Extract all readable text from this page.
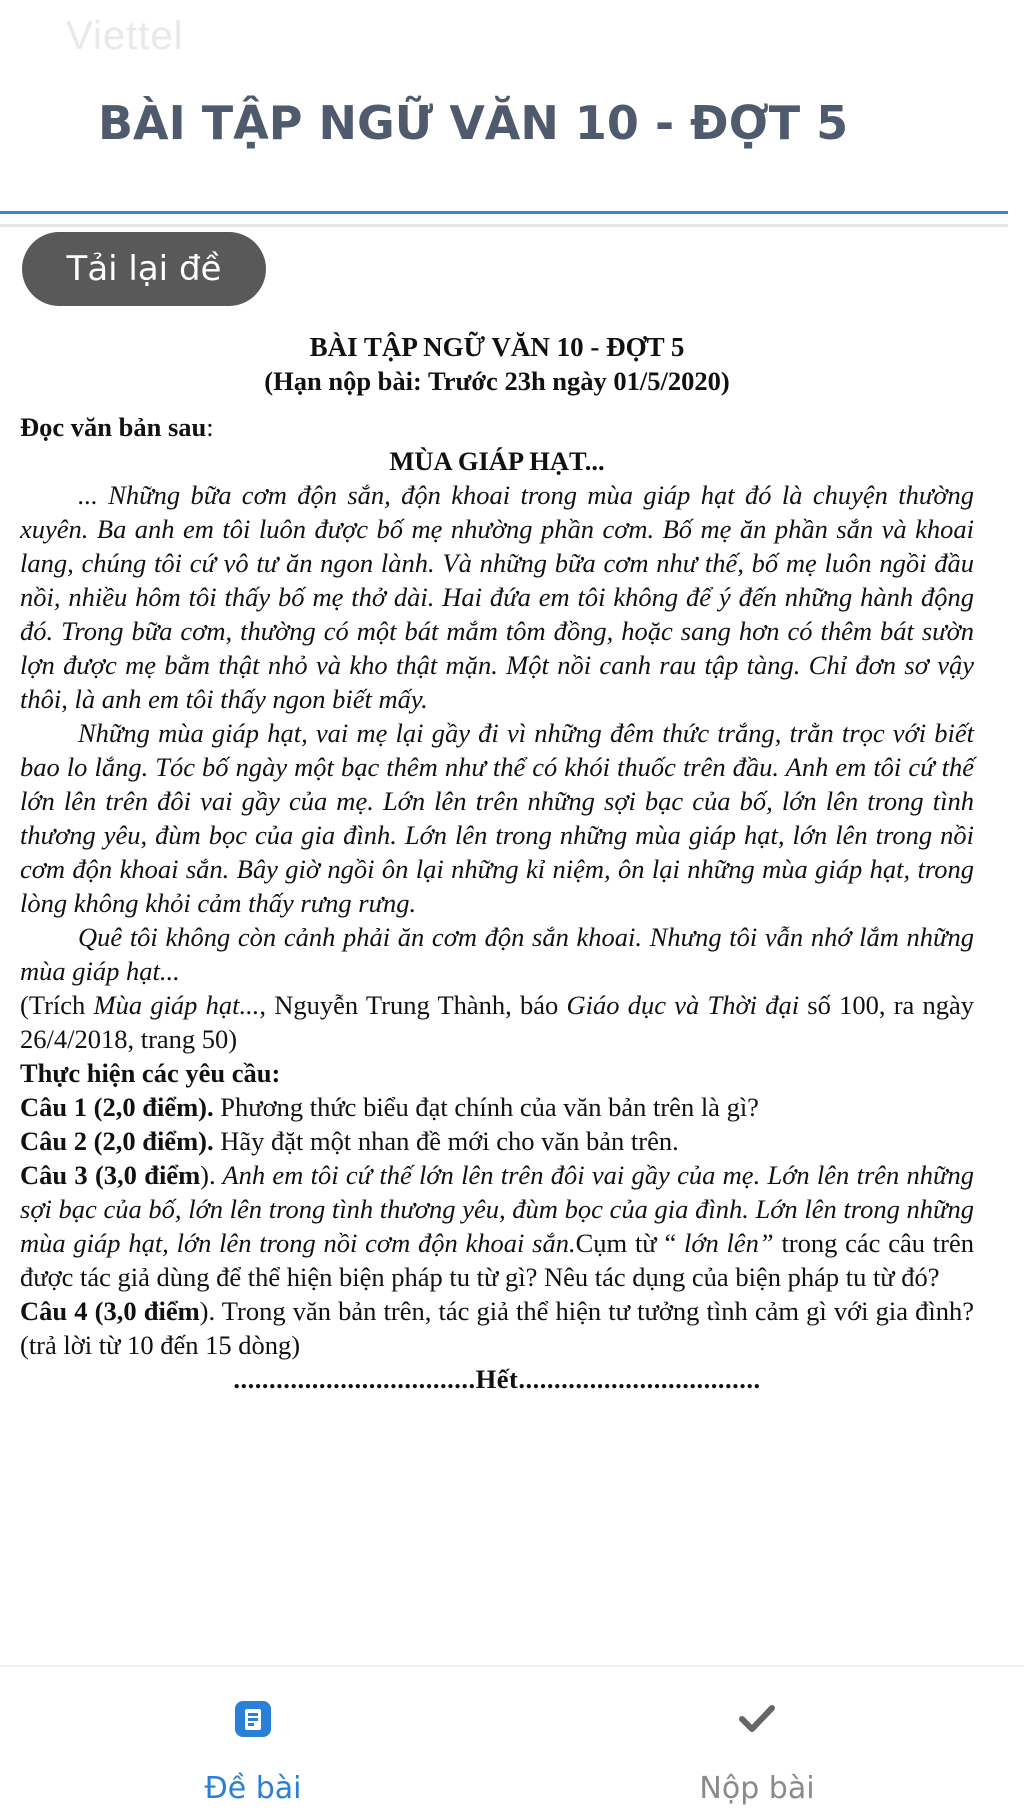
Viettel
BÀI TẬP NGỮ VĂN 10 - ĐỢT 5
Tải lại đề

BÀI TẬP NGỮ VĂN 10 - ĐỢT 5

(Hạn nộp bài: Trước 23h ngày 01/5/2020)

Đọc văn bản sau:

MÙA GIÁP HẠT...

... Những bữa cơm độn sắn, độn khoai trong mùa giáp hạt đó là chuyện thường xuyên. Ba anh em tôi luôn được bố mẹ nhường phần cơm. Bố mẹ ăn phần sắn và khoai lang, chúng tôi cứ vô tư ăn ngon lành. Và những bữa cơm như thế, bố mẹ luôn ngồi đầu nồi, nhiều hôm tôi thấy bố mẹ thở dài. Hai đứa em tôi không để ý đến những hành động đó. Trong bữa cơm, thường có một bát mắm tôm đồng, hoặc sang hơn có thêm bát sườn lợn được mẹ bằm thật nhỏ và kho thật mặn. Một nồi canh rau tập tàng. Chỉ đơn sơ vậy thôi, là anh em tôi thấy ngon biết mấy.

Những mùa giáp hạt, vai mẹ lại gầy đi vì những đêm thức trắng, trằn trọc với biết bao lo lắng. Tóc bố ngày một bạc thêm như thể có khói thuốc trên đầu. Anh em tôi cứ thế lớn lên trên đôi vai gầy của mẹ. Lớn lên trên những sợi bạc của bố, lớn lên trong tình thương yêu, đùm bọc của gia đình. Lớn lên trong những mùa giáp hạt, lớn lên trong nồi cơm độn khoai sắn. Bây giờ ngồi ôn lại những kỉ niệm, ôn lại những mùa giáp hạt, trong lòng không khỏi cảm thấy rưng rưng.

Quê tôi không còn cảnh phải ăn cơm độn sắn khoai. Nhưng tôi vẫn nhớ lắm những mùa giáp hạt...

(Trích Mùa giáp hạt..., Nguyễn Trung Thành, báo Giáo dục và Thời đại số 100, ra ngày 26/4/2018, trang 50)

Thực hiện các yêu cầu:

Câu 1 (2,0 điểm). Phương thức biểu đạt chính của văn bản trên là gì?

Câu 2 (2,0 điểm). Hãy đặt một nhan đề mới cho văn bản trên.

Câu 3 (3,0 điểm). Anh em tôi cứ thế lớn lên trên đôi vai gầy của mẹ. Lớn lên trên những sợi bạc của bố, lớn lên trong tình thương yêu, đùm bọc của gia đình. Lớn lên trong những mùa giáp hạt, lớn lên trong nồi cơm độn khoai sắn.Cụm từ “ lớn lên” trong các câu trên được tác giả dùng để thể hiện biện pháp tu từ gì? Nêu tác dụng của biện pháp tu từ đó?

Câu 4 (3,0 điểm). Trong văn bản trên, tác giả thể hiện tư tưởng tình cảm gì với gia đình? (trả lời từ 10 đến 15 dòng)

..................................Hết..................................

Đề bài	Nộp bài
